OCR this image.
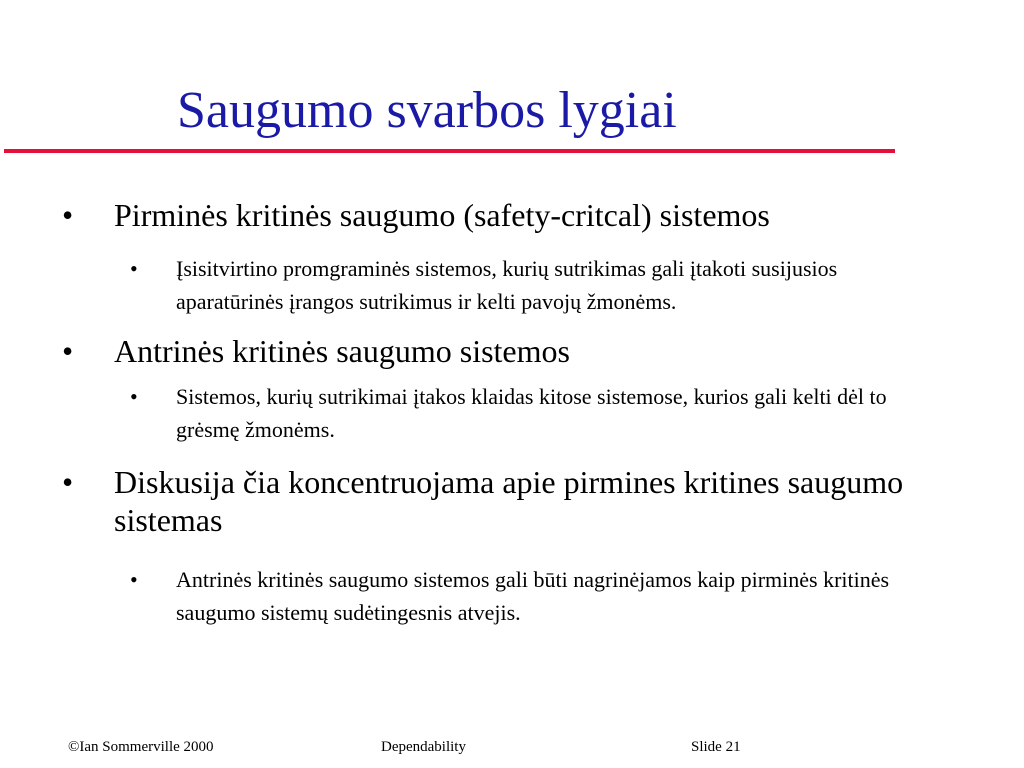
Saugumo svarbos lygiai
• Pirminės kritinės saugumo (safety-critcal) sistemos
•	Įsisitvirtino promgraminės sistemos, kurių sutrikimas gali įtakoti susijusios aparatūrinės įrangos sutrikimus ir kelti pavojų žmonėms.
• Antrinės kritinės saugumo sistemos
•	Sistemos, kurių sutrikimai įtakos klaidas kitose sistemose, kurios gali kelti dėl to grėsmę žmonėms.
• Diskusija čia koncentruojama apie pirmines kritines saugumo sistemas
•	Antrinės kritinės saugumo sistemos gali būti nagrinėjamos kaip pirminės kritinės saugumo sistemų sudėtingesnis atvejis.
©Ian Sommerville 2000	Dependability	Slide 21
